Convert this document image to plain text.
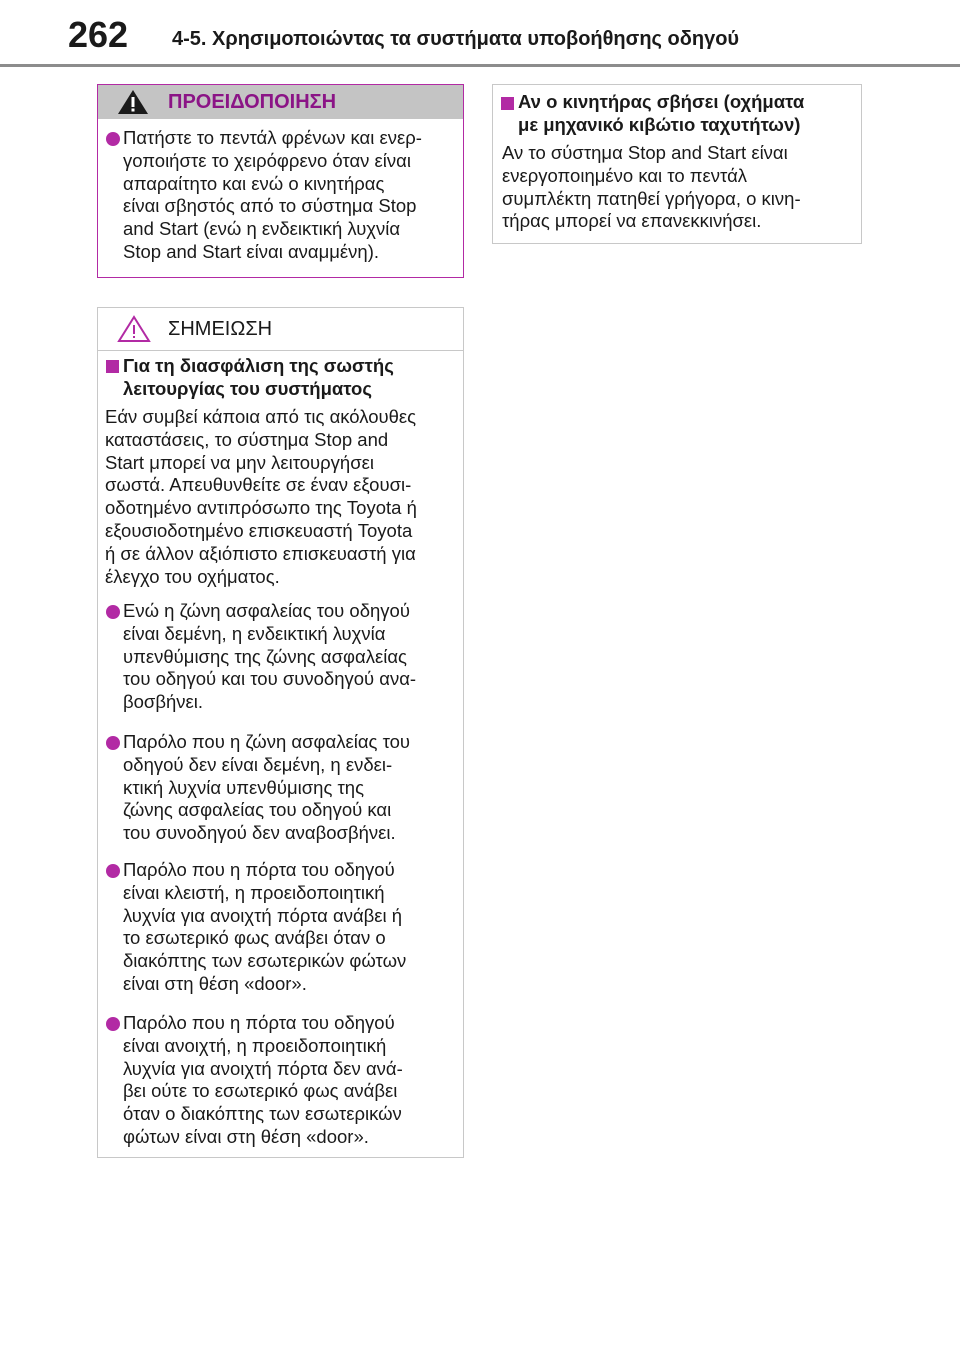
262 4-5. Χρησιμοποιώντας τα συστήματα υποβοήθησης οδηγού
ΠΡΟΕΙΔΟΠΟΙΗΣΗ
Πατήστε το πεντάλ φρένων και ενερ-
γοποιήστε το χειρόφρενο όταν είναι
απαραίτητο και ενώ ο κινητήρας
είναι σβηστός από το σύστημα Stop
and Start (ενώ η ενδεικτική λυχνία
Stop and Start είναι αναμμένη).
ΣΗΜΕΙΩΣΗ
Για τη διασφάλιση της σωστής
λειτουργίας του συστήματος
Εάν συμβεί κάποια από τις ακόλουθες
καταστάσεις, το σύστημα Stop and
Start μπορεί να μην λειτουργήσει
σωστά. Απευθυνθείτε σε έναν εξουσι-
οδοτημένο αντιπρόσωπο της Toyota ή
εξουσιοδοτημένο επισκευαστή Toyota
ή σε άλλον αξιόπιστο επισκευαστή για
έλεγχο του οχήματος.
Ενώ η ζώνη ασφαλείας του οδηγού
είναι δεμένη, η ενδεικτική λυχνία
υπενθύμισης της ζώνης ασφαλείας
του οδηγού και του συνοδηγού ανα-
βοσβήνει.
Παρόλο που η ζώνη ασφαλείας του
οδηγού δεν είναι δεμένη, η ενδει-
κτική λυχνία υπενθύμισης της
ζώνης ασφαλείας του οδηγού και
του συνοδηγού δεν αναβοσβήνει.
Παρόλο που η πόρτα του οδηγού
είναι κλειστή, η προειδοποιητική
λυχνία για ανοιχτή πόρτα ανάβει ή
το εσωτερικό φως ανάβει όταν ο
διακόπτης των εσωτερικών φώτων
είναι στη θέση «door».
Παρόλο που η πόρτα του οδηγού
είναι ανοιχτή, η προειδοποιητική
λυχνία για ανοιχτή πόρτα δεν ανά-
βει ούτε το εσωτερικό φως ανάβει
όταν ο διακόπτης των εσωτερικών
φώτων είναι στη θέση «door».
Αν ο κινητήρας σβήσει (οχήματα
με μηχανικό κιβώτιο ταχυτήτων)
Αν το σύστημα Stop and Start είναι
ενεργοποιημένο και το πεντάλ
συμπλέκτη πατηθεί γρήγορα, ο κινη-
τήρας μπορεί να επανεκκινήσει.
